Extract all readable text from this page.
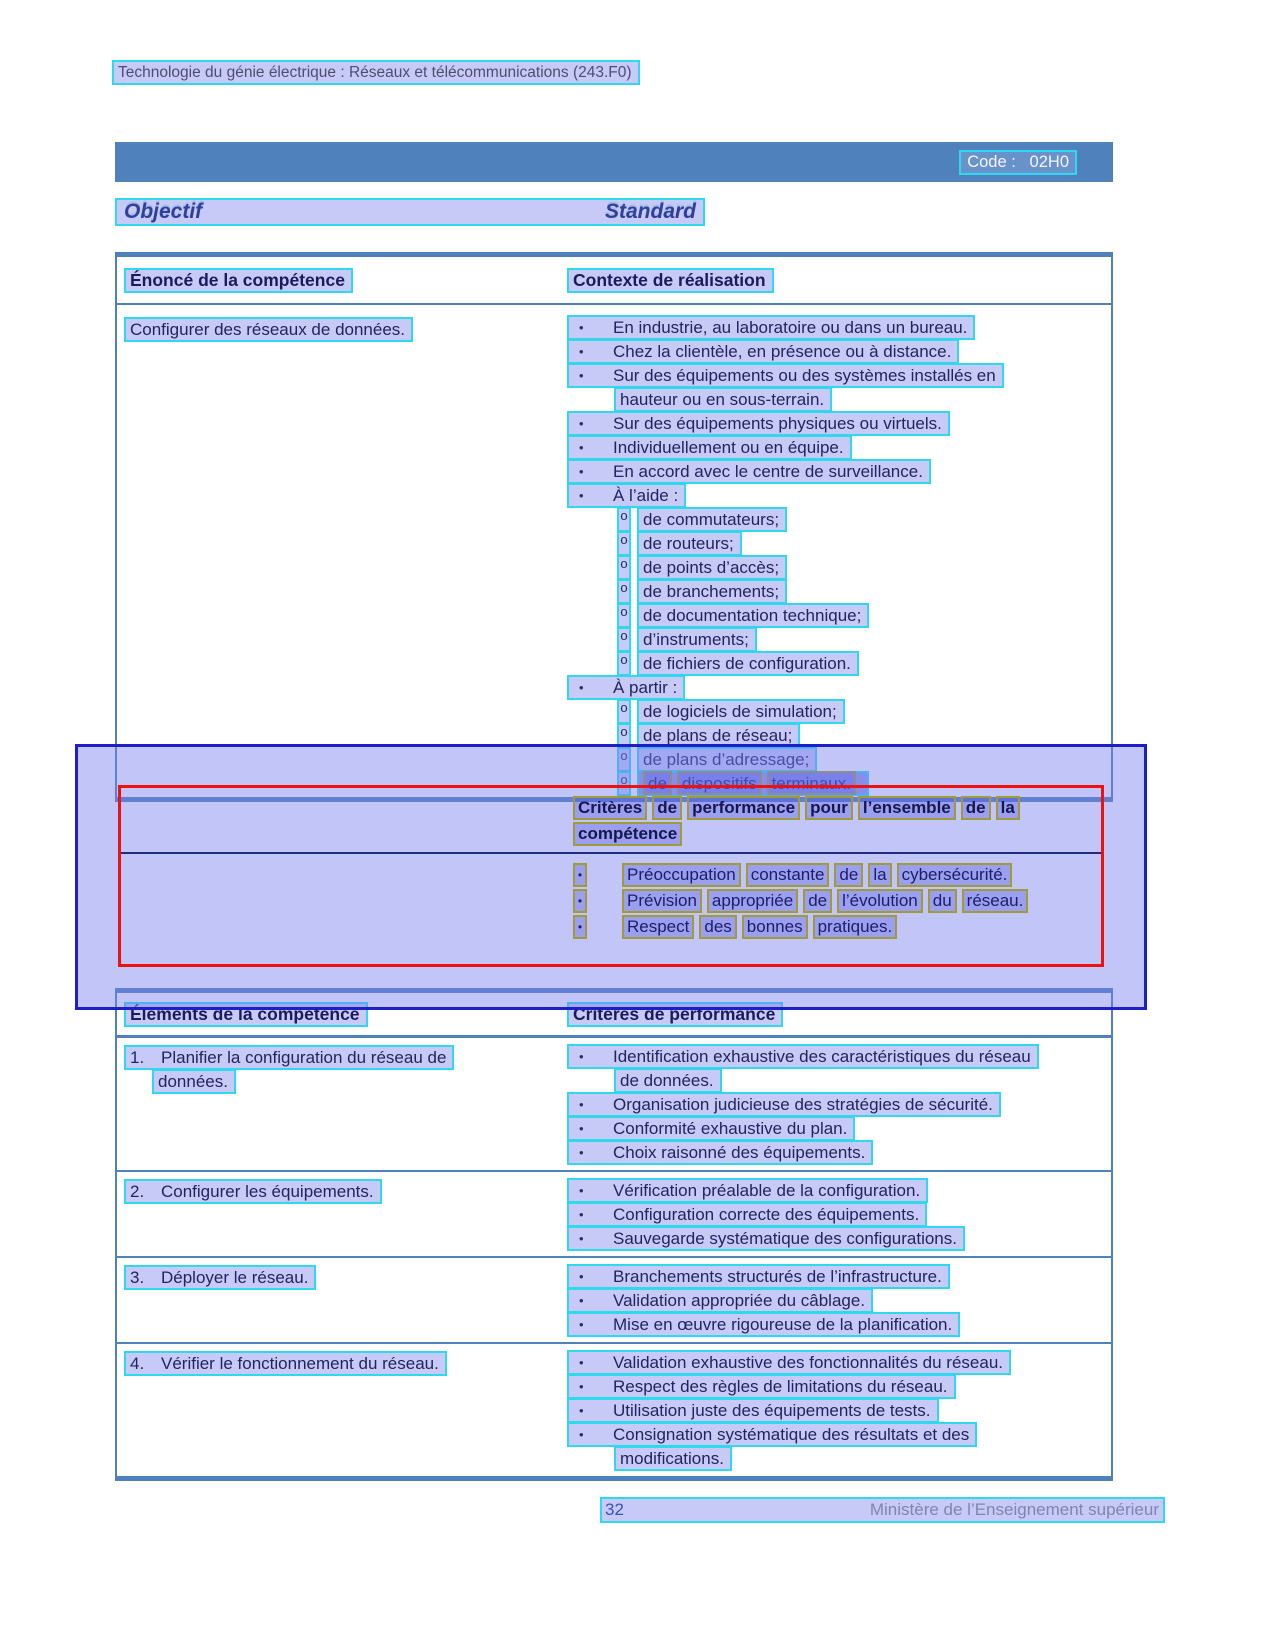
Technologie du génie électrique : Réseaux et télécommunications (243.F0)
Code :   02H0
Objectif	Standard
Énoncé de la compétence	Contexte de réalisation
Configurer des réseaux de données.	•	En industrie, au laboratoire ou dans un bureau.
•	Chez la clientèle, en présence ou à distance.
•	Sur des équipements ou des systèmes installés en
hauteur ou en sous-terrain.
•	Sur des équipements physiques ou virtuels.
•	Individuellement ou en équipe.
•	En accord avec le centre de surveillance.
•	À l’aide :
o de commutateurs;
o de routeurs;
o de points d’accès;
o de branchements;
o de documentation technique;
o d’instruments;
o de fichiers de configuration.
•	À partir :
o de logiciels de simulation;
o de plans de réseau;
o de plans d’adressage;
o de dispositifs terminaux.
Critères de performance pour l’ensemble de la
compétence
•	Préoccupation constante de la cybersécurité.
•	Prévision appropriée de l’évolution du réseau.
•	Respect des bonnes pratiques.
Éléments de la compétence	Critères de performance
1. Planifier la configuration du réseau de
données.
•	Identification exhaustive des caractéristiques du réseau
de données.
•	Organisation judicieuse des stratégies de sécurité.
•	Conformité exhaustive du plan.
•	Choix raisonné des équipements.
2. Configurer les équipements.	•	Vérification préalable de la configuration.
•	Configuration correcte des équipements.
•	Sauvegarde systématique des configurations.
3. Déployer le réseau.	•	Branchements structurés de l’infrastructure.
•	Validation appropriée du câblage.
•	Mise en œuvre rigoureuse de la planification.
4. Vérifier le fonctionnement du réseau.	•	Validation exhaustive des fonctionnalités du réseau.
•	Respect des règles de limitations du réseau.
•	Utilisation juste des équipements de tests.
•	Consignation systématique des résultats et des
modifications.
32	Ministère de l’Enseignement supérieur
